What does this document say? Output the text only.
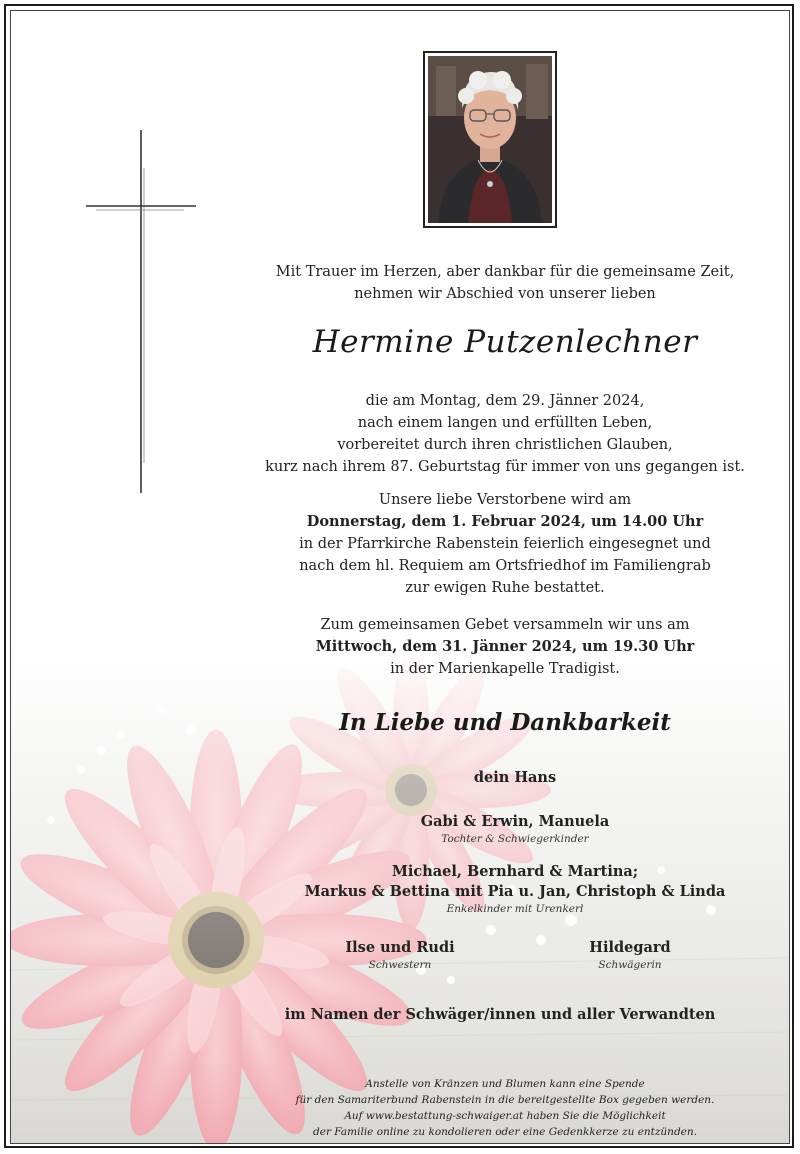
Mit Trauer im Herzen, aber dankbar für die gemeinsame Zeit,
nehmen wir Abschied von unserer lieben
Hermine Putzenlechner
die am Montag, dem 29. Jänner 2024,
nach einem langen und erfüllten Leben,
vorbereitet durch ihren christlichen Glauben,
kurz nach ihrem 87. Geburtstag für immer von uns gegangen ist.
Unsere liebe Verstorbene wird am
Donnerstag, dem 1. Februar 2024, um 14.00 Uhr
in der Pfarrkirche Rabenstein feierlich eingesegnet und
nach dem hl. Requiem am Ortsfriedhof im Familiengrab
zur ewigen Ruhe bestattet.
Zum gemeinsamen Gebet versammeln wir uns am
Mittwoch, dem 31. Jänner 2024, um 19.30 Uhr
in der Marienkapelle Tradigist.
In Liebe und Dankbarkeit
dein Hans
Gabi & Erwin, Manuela
Tochter & Schwiegerkinder
Michael, Bernhard & Martina;
Markus & Bettina mit Pia u. Jan, Christoph & Linda
Enkelkinder mit Urenkerl
Ilse und Rudi
Schwestern
Hildegard
Schwägerin
im Namen der Schwäger/innen und aller Verwandten
Anstelle von Kränzen und Blumen kann eine Spende
für den Samariterbund Rabenstein in die bereitgestellte Box gegeben werden.
Auf www.bestattung-schwaiger.at haben Sie die Möglichkeit
der Familie online zu kondolieren oder eine Gedenkkerze zu entzünden.
